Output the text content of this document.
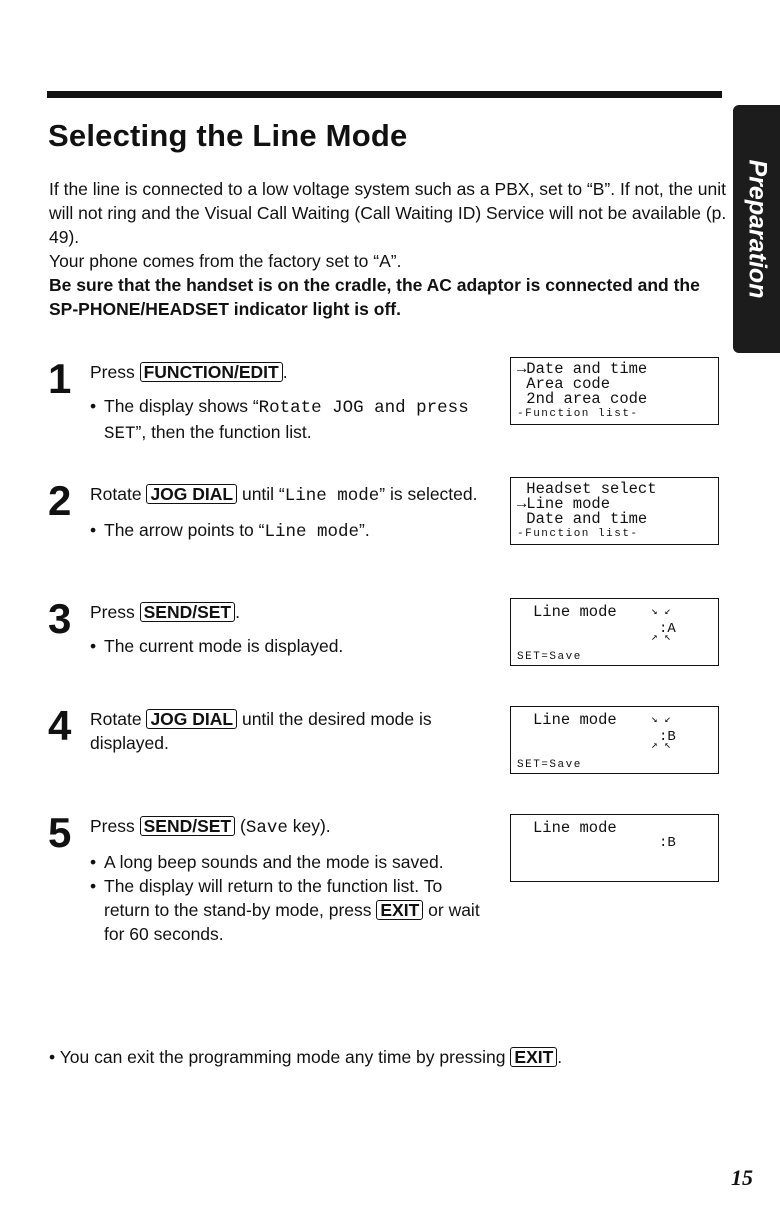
Selecting the Line Mode
Preparation

If the line is connected to a low voltage system such as a PBX, set to “B”. If not, the unit will not ring and the Visual Call Waiting (Call Waiting ID) Service will not be available (p. 49).

Your phone comes from the factory set to “A”.

Be sure that the handset is on the cradle, the AC adaptor is connected and the SP-PHONE/HEADSET indicator light is off.

1 Press FUNCTION/EDIT .

• The display shows “Rotate JOG and press SET”, then the function list.
2 Rotate JOG DIAL until “Line mode” is selected.

• The arrow points to “Line mode”.
3 Press SEND/SET .

• The current mode is displayed.
4 Rotate JOG DIAL until the desired mode is displayed.

5 Press SEND/SET (Save key).

• A long beep sounds and the mode is saved.
• The display will return to the function list. To return to the stand-by mode, press EXIT or wait for 60 seconds.
→Date and time
Area code
2nd area code
-Function list-
Headset select
→Line mode
Date and time
-Function list-
Line mode	↘ ↙
:A
↗ ↖
SET=Save
Line mode	↘ ↙
:B
↗ ↖
SET=Save
Line mode
:B
• You can exit the programming mode any time by pressing EXIT .
15
